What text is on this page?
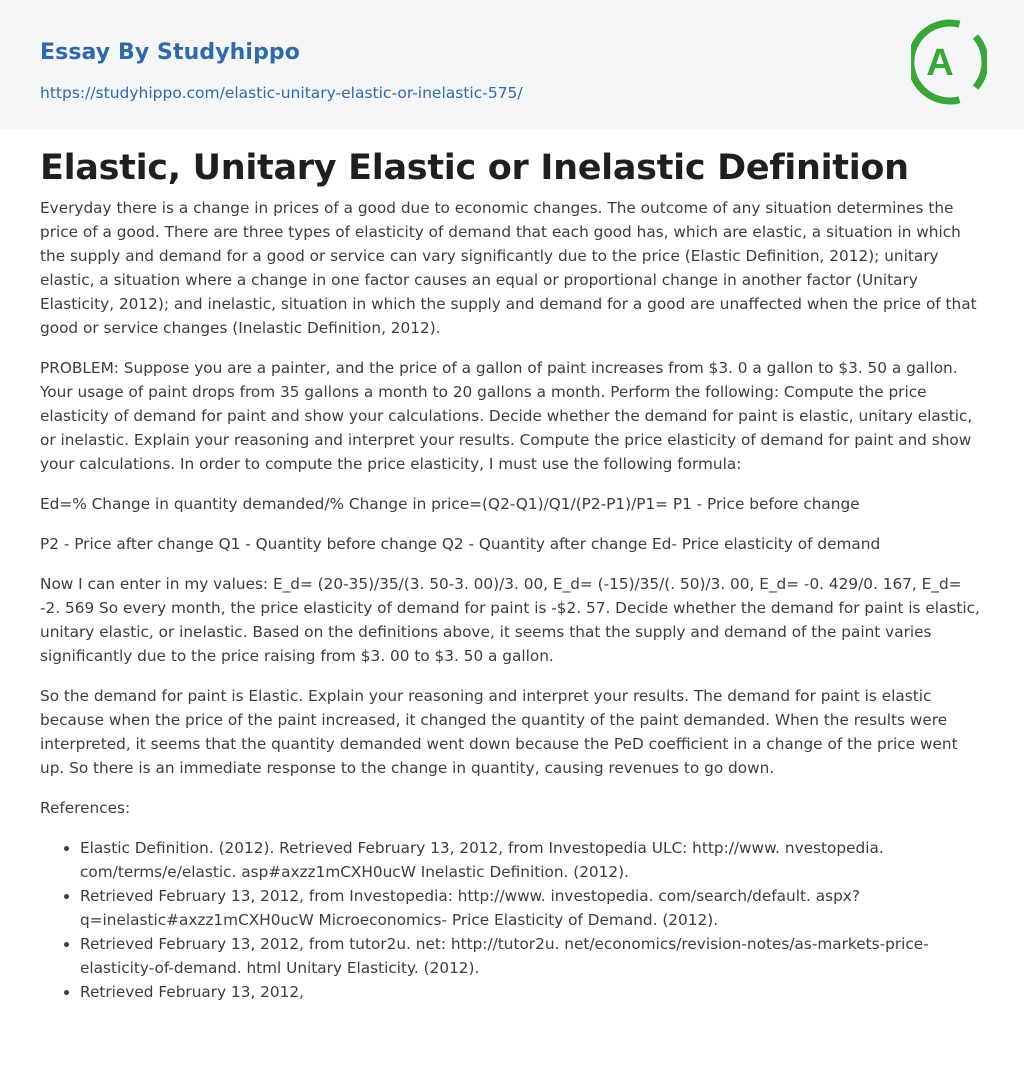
Essay By Studyhippo
https://studyhippo.com/elastic-unitary-elastic-or-inelastic-575/
A
Elastic, Unitary Elastic or Inelastic Definition

Everyday there is a change in prices of a good due to economic changes. The outcome of any situation determines the price of a good. There are three types of elasticity of demand that each good has, which are elastic, a situation in which the supply and demand for a good or service can vary significantly due to the price (Elastic Definition, 2012); unitary elastic, a situation where a change in one factor causes an equal or proportional change in another factor (Unitary Elasticity, 2012); and inelastic, situation in which the supply and demand for a good are unaffected when the price of that good or service changes (Inelastic Definition, 2012).

PROBLEM: Suppose you are a painter, and the price of a gallon of paint increases from $3. 0 a gallon to $3. 50 a gallon. Your usage of paint drops from 35 gallons a month to 20 gallons a month. Perform the following: Compute the price elasticity of demand for paint and show your calculations. Decide whether the demand for paint is elastic, unitary elastic, or inelastic. Explain your reasoning and interpret your results. Compute the price elasticity of demand for paint and show your calculations. In order to compute the price elasticity, I must use the following formula:

Ed=% Change in quantity demanded/% Change in price=(Q2-Q1)/Q1/(P2-P1)/P1= P1 - Price before change

P2 - Price after change Q1 - Quantity before change Q2 - Quantity after change Ed- Price elasticity of demand

Now I can enter in my values: E_d= (20-35)/35/(3. 50-3. 00)/3. 00, E_d= (-15)/35/(. 50)/3. 00, E_d= -0. 429/0. 167, E_d= -2. 569 So every month, the price elasticity of demand for paint is -$2. 57. Decide whether the demand for paint is elastic, unitary elastic, or inelastic. Based on the definitions above, it seems that the supply and demand of the paint varies significantly due to the price raising from $3. 00 to $3. 50 a gallon.

So the demand for paint is Elastic. Explain your reasoning and interpret your results. The demand for paint is elastic because when the price of the paint increased, it changed the quantity of the paint demanded. When the results were interpreted, it seems that the quantity demanded went down because the PeD coefficient in a change of the price went up. So there is an immediate response to the change in quantity, causing revenues to go down.

References:

• Elastic Definition. (2012). Retrieved February 13, 2012, from Investopedia ULC: http://www. nvestopedia. com/terms/e/elastic. asp#axzz1mCXH0ucW Inelastic Definition. (2012).
• Retrieved February 13, 2012, from Investopedia: http://www. investopedia. com/search/default. aspx?q=inelastic#axzz1mCXH0ucW Microeconomics- Price Elasticity of Demand. (2012).
• Retrieved February 13, 2012, from tutor2u. net: http://tutor2u. net/economics/revision-notes/as-markets-price-elasticity-of-demand. html Unitary Elasticity. (2012).
• Retrieved February 13, 2012,
